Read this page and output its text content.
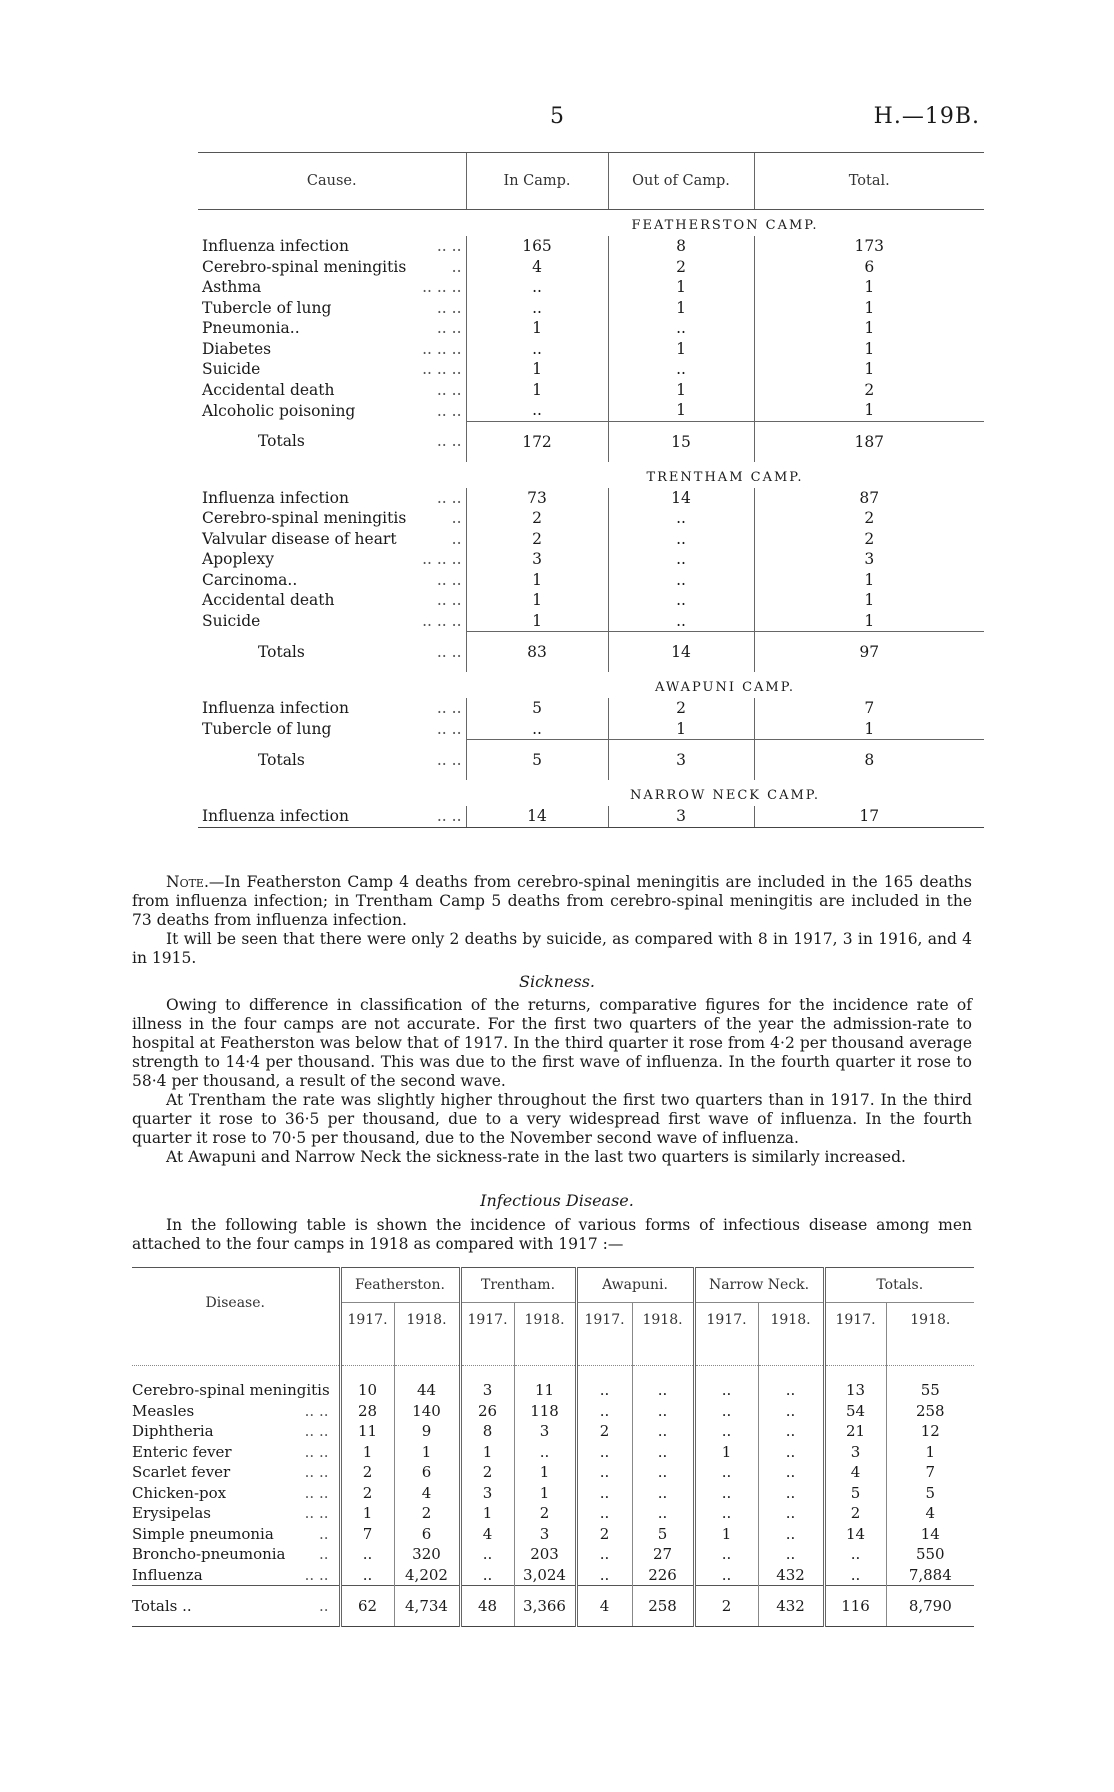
5	H.—19B.
Cause.	In Camp.	Out of Camp.	Total.
	FEATHERSTON CAMP.		
Influenza infection .. ..	165	8	173
Cerebro-spinal meningitis ..	4	2	6
Asthma .. .. ..	..	1	1
Tubercle of lung .. ..	..	1	1
Pneumonia.. .. ..	1	..	1
Diabetes .. .. ..	..	1	1
Suicide .. .. ..	1	..	1
Accidental death .. ..	1	1	2
Alcoholic poisoning .. ..	..	1	1
Totals .. ..	172	15	187
	TRENTHAM CAMP.		
Influenza infection .. ..	73	14	87
Cerebro-spinal meningitis ..	2	..	2
Valvular disease of heart ..	2	..	2
Apoplexy .. .. ..	3	..	3
Carcinoma.. .. ..	1	..	1
Accidental death .. ..	1	..	1
Suicide .. .. ..	1	..	1
Totals .. ..	83	14	97
	AWAPUNI CAMP.		
Influenza infection .. ..	5	2	7
Tubercle of lung .. ..	..	1	1
Totals .. ..	5	3	8
	NARROW NECK CAMP.		
Influenza infection .. ..	14	3	17

Note.—In Featherston Camp 4 deaths from cerebro-spinal meningitis are included in the 165 deaths from influenza infection; in Trentham Camp 5 deaths from cerebro-spinal meningitis are included in the 73 deaths from influenza infection.

It will be seen that there were only 2 deaths by suicide, as compared with 8 in 1917, 3 in 1916, and 4 in 1915.

Sickness.

Owing to difference in classification of the returns, comparative figures for the incidence rate of illness in the four camps are not accurate. For the first two quarters of the year the admission-rate to hospital at Featherston was below that of 1917. In the third quarter it rose from 4·2 per thousand average strength to 14·4 per thousand. This was due to the first wave of influenza. In the fourth quarter it rose to 58·4 per thousand, a result of the second wave.

At Trentham the rate was slightly higher throughout the first two quarters than in 1917. In the third quarter it rose to 36·5 per thousand, due to a very widespread first wave of influenza. In the fourth quarter it rose to 70·5 per thousand, due to the November second wave of influenza.

At Awapuni and Narrow Neck the sickness-rate in the last two quarters is similarly increased.

Infectious Disease.

In the following table is shown the incidence of various forms of infectious disease among men attached to the four camps in 1918 as compared with 1917 :—

Disease.	Featherston.		Trentham.		Awapuni.		Narrow Neck.		Totals.	
	1917.	1918.	1917.	1918.	1917.	1918.	1917.	1918.	1917.	1918.

Cerebro-spinal meningitis	10	44	3	11	..	..	..	..	13	55
Measles .. ..	28	140	26	118	..	..	..	..	54	258
Diphtheria .. ..	11	9	8	3	2	..	..	..	21	12
Enteric fever .. ..	1	1	1	..	..	..	1	..	3	1
Scarlet fever .. ..	2	6	2	1	..	..	..	..	4	7
Chicken-pox .. ..	2	4	3	1	..	..	..	..	5	5
Erysipelas .. ..	1	2	1	2	..	..	..	..	2	4
Simple pneumonia ..	7	6	4	3	2	5	1	..	14	14
Broncho-pneumonia ..	..	320	..	203	..	27	..	..	..	550
Influenza .. ..	..	4,202	..	3,024	..	226	..	432	..	7,884
Totals .. ..	62	4,734	48	3,366	4	258	2	432	116	8,790
